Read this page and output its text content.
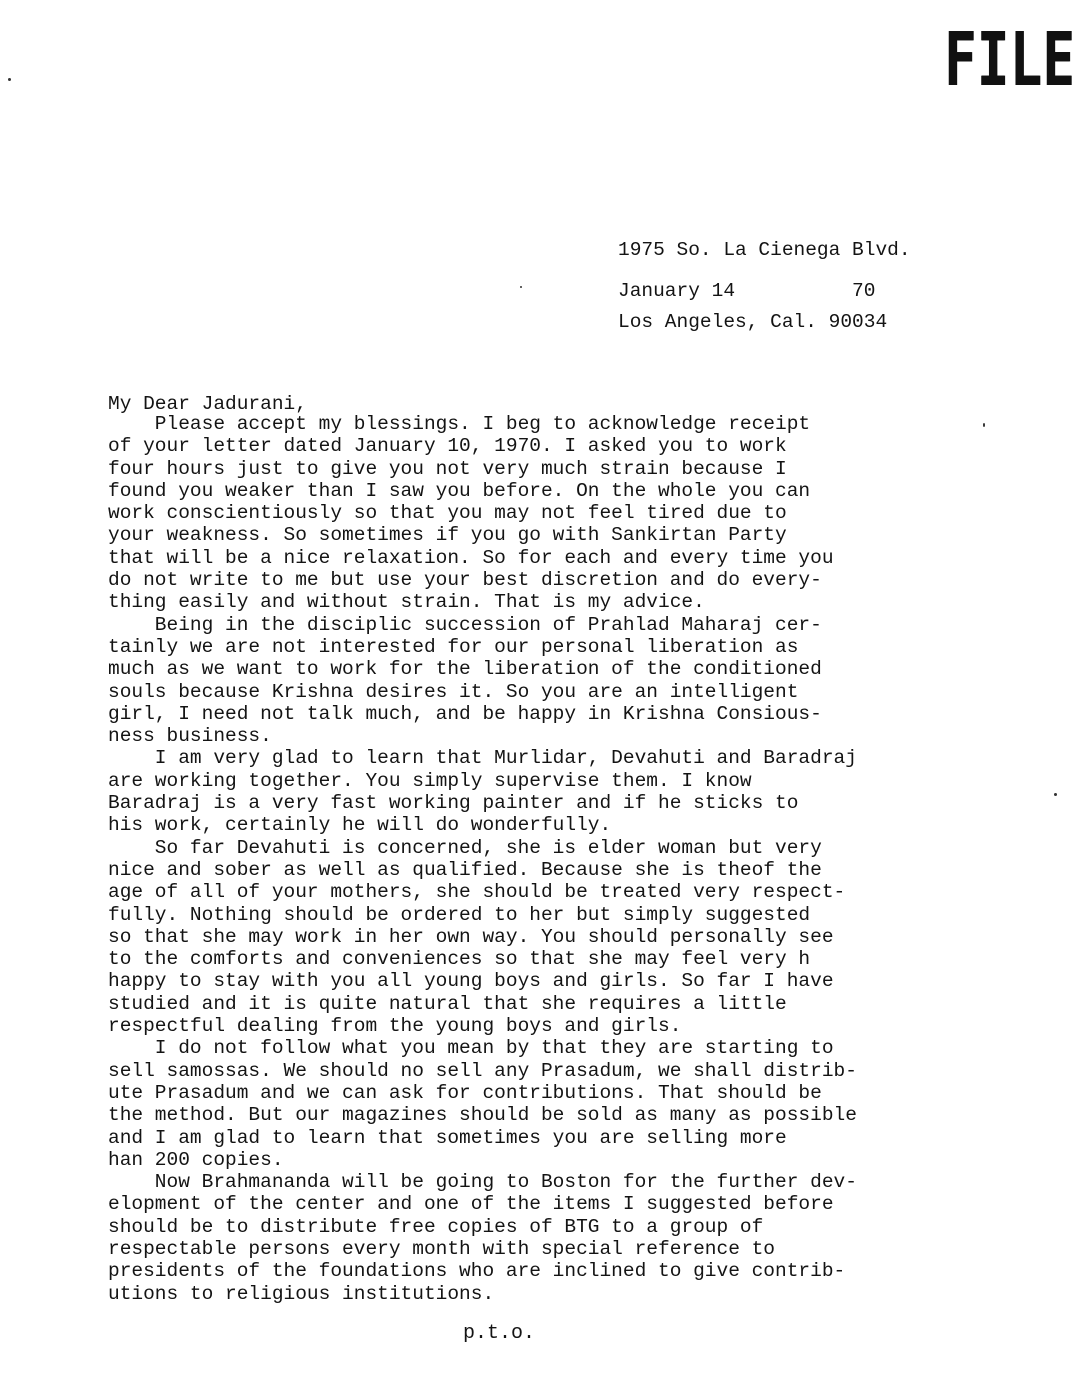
FILE

1975 So. La Cienega Blvd.

Los Angeles, Cal. 90034

January 14          70
My Dear Jadurani,
Please accept my blessings. I beg to acknowledge receipt
of your letter dated January 10, 1970. I asked you to work
four hours just to give you not very much strain because I
found you weaker than I saw you before. On the whole you can
work conscientiously so that you may not feel tired due to
your weakness. So sometimes if you go with Sankirtan Party
that will be a nice relaxation. So for each and every time you
do not write to me but use your best discretion and do every-
thing easily and without strain. That is my advice.
Being in the disciplic succession of Prahlad Maharaj cer-
tainly we are not interested for our personal liberation as
much as we want to work for the liberation of the conditioned
souls because Krishna desires it. So you are an intelligent
girl, I need not talk much, and be happy in Krishna Consious-
ness business.
I am very glad to learn that Murlidar, Devahuti and Baradraj
are working together. You simply supervise them. I know
Baradraj is a very fast working painter and if he sticks to
his work, certainly he will do wonderfully.
So far Devahuti is concerned, she is elder woman but very
nice and sober as well as qualified. Because she is theof the
age of all of your mothers, she should be treated very respect-
fully. Nothing should be ordered to her but simply suggested
so that she may work in her own way. You should personally see
to the comforts and conveniences so that she may feel very h
happy to stay with you all young boys and girls. So far I have
studied and it is quite natural that she requires a little
respectful dealing from the young boys and girls.
I do not follow what you mean by that they are starting to
sell samossas. We should no sell any Prasadum, we shall distrib-
ute Prasadum and we can ask for contributions. That should be
the method. But our magazines should be sold as many as possible
and I am glad to learn that sometimes you are selling more
han 200 copies.
Now Brahmananda will be going to Boston for the further dev-
elopment of the center and one of the items I suggested before
should be to distribute free copies of BTG to a group of
respectable persons every month with special reference to
presidents of the foundations who are inclined to give contrib-
utions to religious institutions.
p.t.o.
